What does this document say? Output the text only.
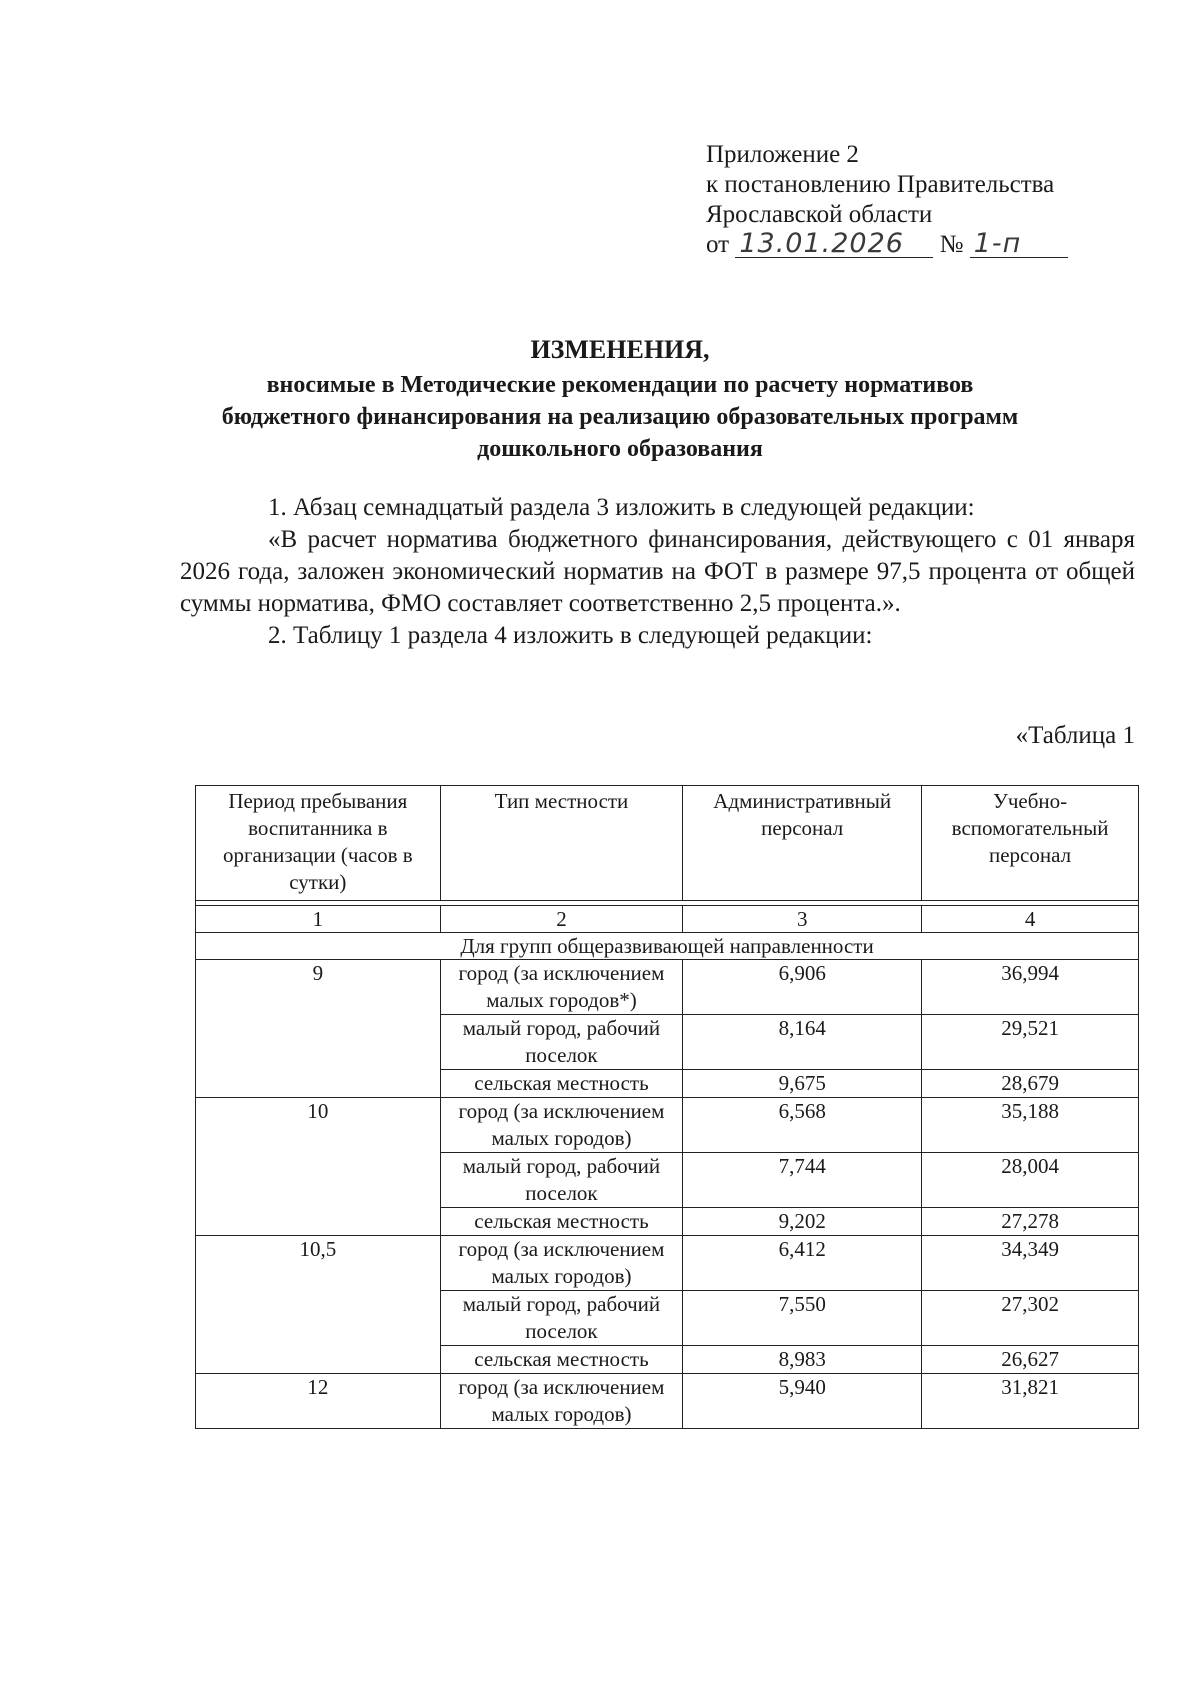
Приложение 2
к постановлению Правительства
Ярославской области
от 13.01.2026 № 1-п
ИЗМЕНЕНИЯ,
вносимые в Методические рекомендации по расчету нормативов
бюджетного финансирования на реализацию образовательных программ
дошкольного образования

1. Абзац семнадцатый раздела 3 изложить в следующей редакции:

«В расчет норматива бюджетного финансирования, действующего с 01 января 2026 года, заложен экономический норматив на ФОТ в размере 97,5 процента от общей суммы норматива, ФМО составляет соответственно 2,5 процента.».

2. Таблицу 1 раздела 4 изложить в следующей редакции:

«Таблица 1
Период пребывания воспитанника в организации (часов в сутки)	Тип местности	Административный персонал	Учебно-вспомогательный персонал

1	2	3	4
Для групп общеразвивающей направленности			
9	город (за исключением малых городов*)	6,906	36,994
	малый город, рабочий поселок	8,164	29,521
	сельская местность	9,675	28,679
10	город (за исключением малых городов)	6,568	35,188
	малый город, рабочий поселок	7,744	28,004
	сельская местность	9,202	27,278
10,5	город (за исключением малых городов)	6,412	34,349
	малый город, рабочий поселок	7,550	27,302
	сельская местность	8,983	26,627
12	город (за исключением малых городов)	5,940	31,821
